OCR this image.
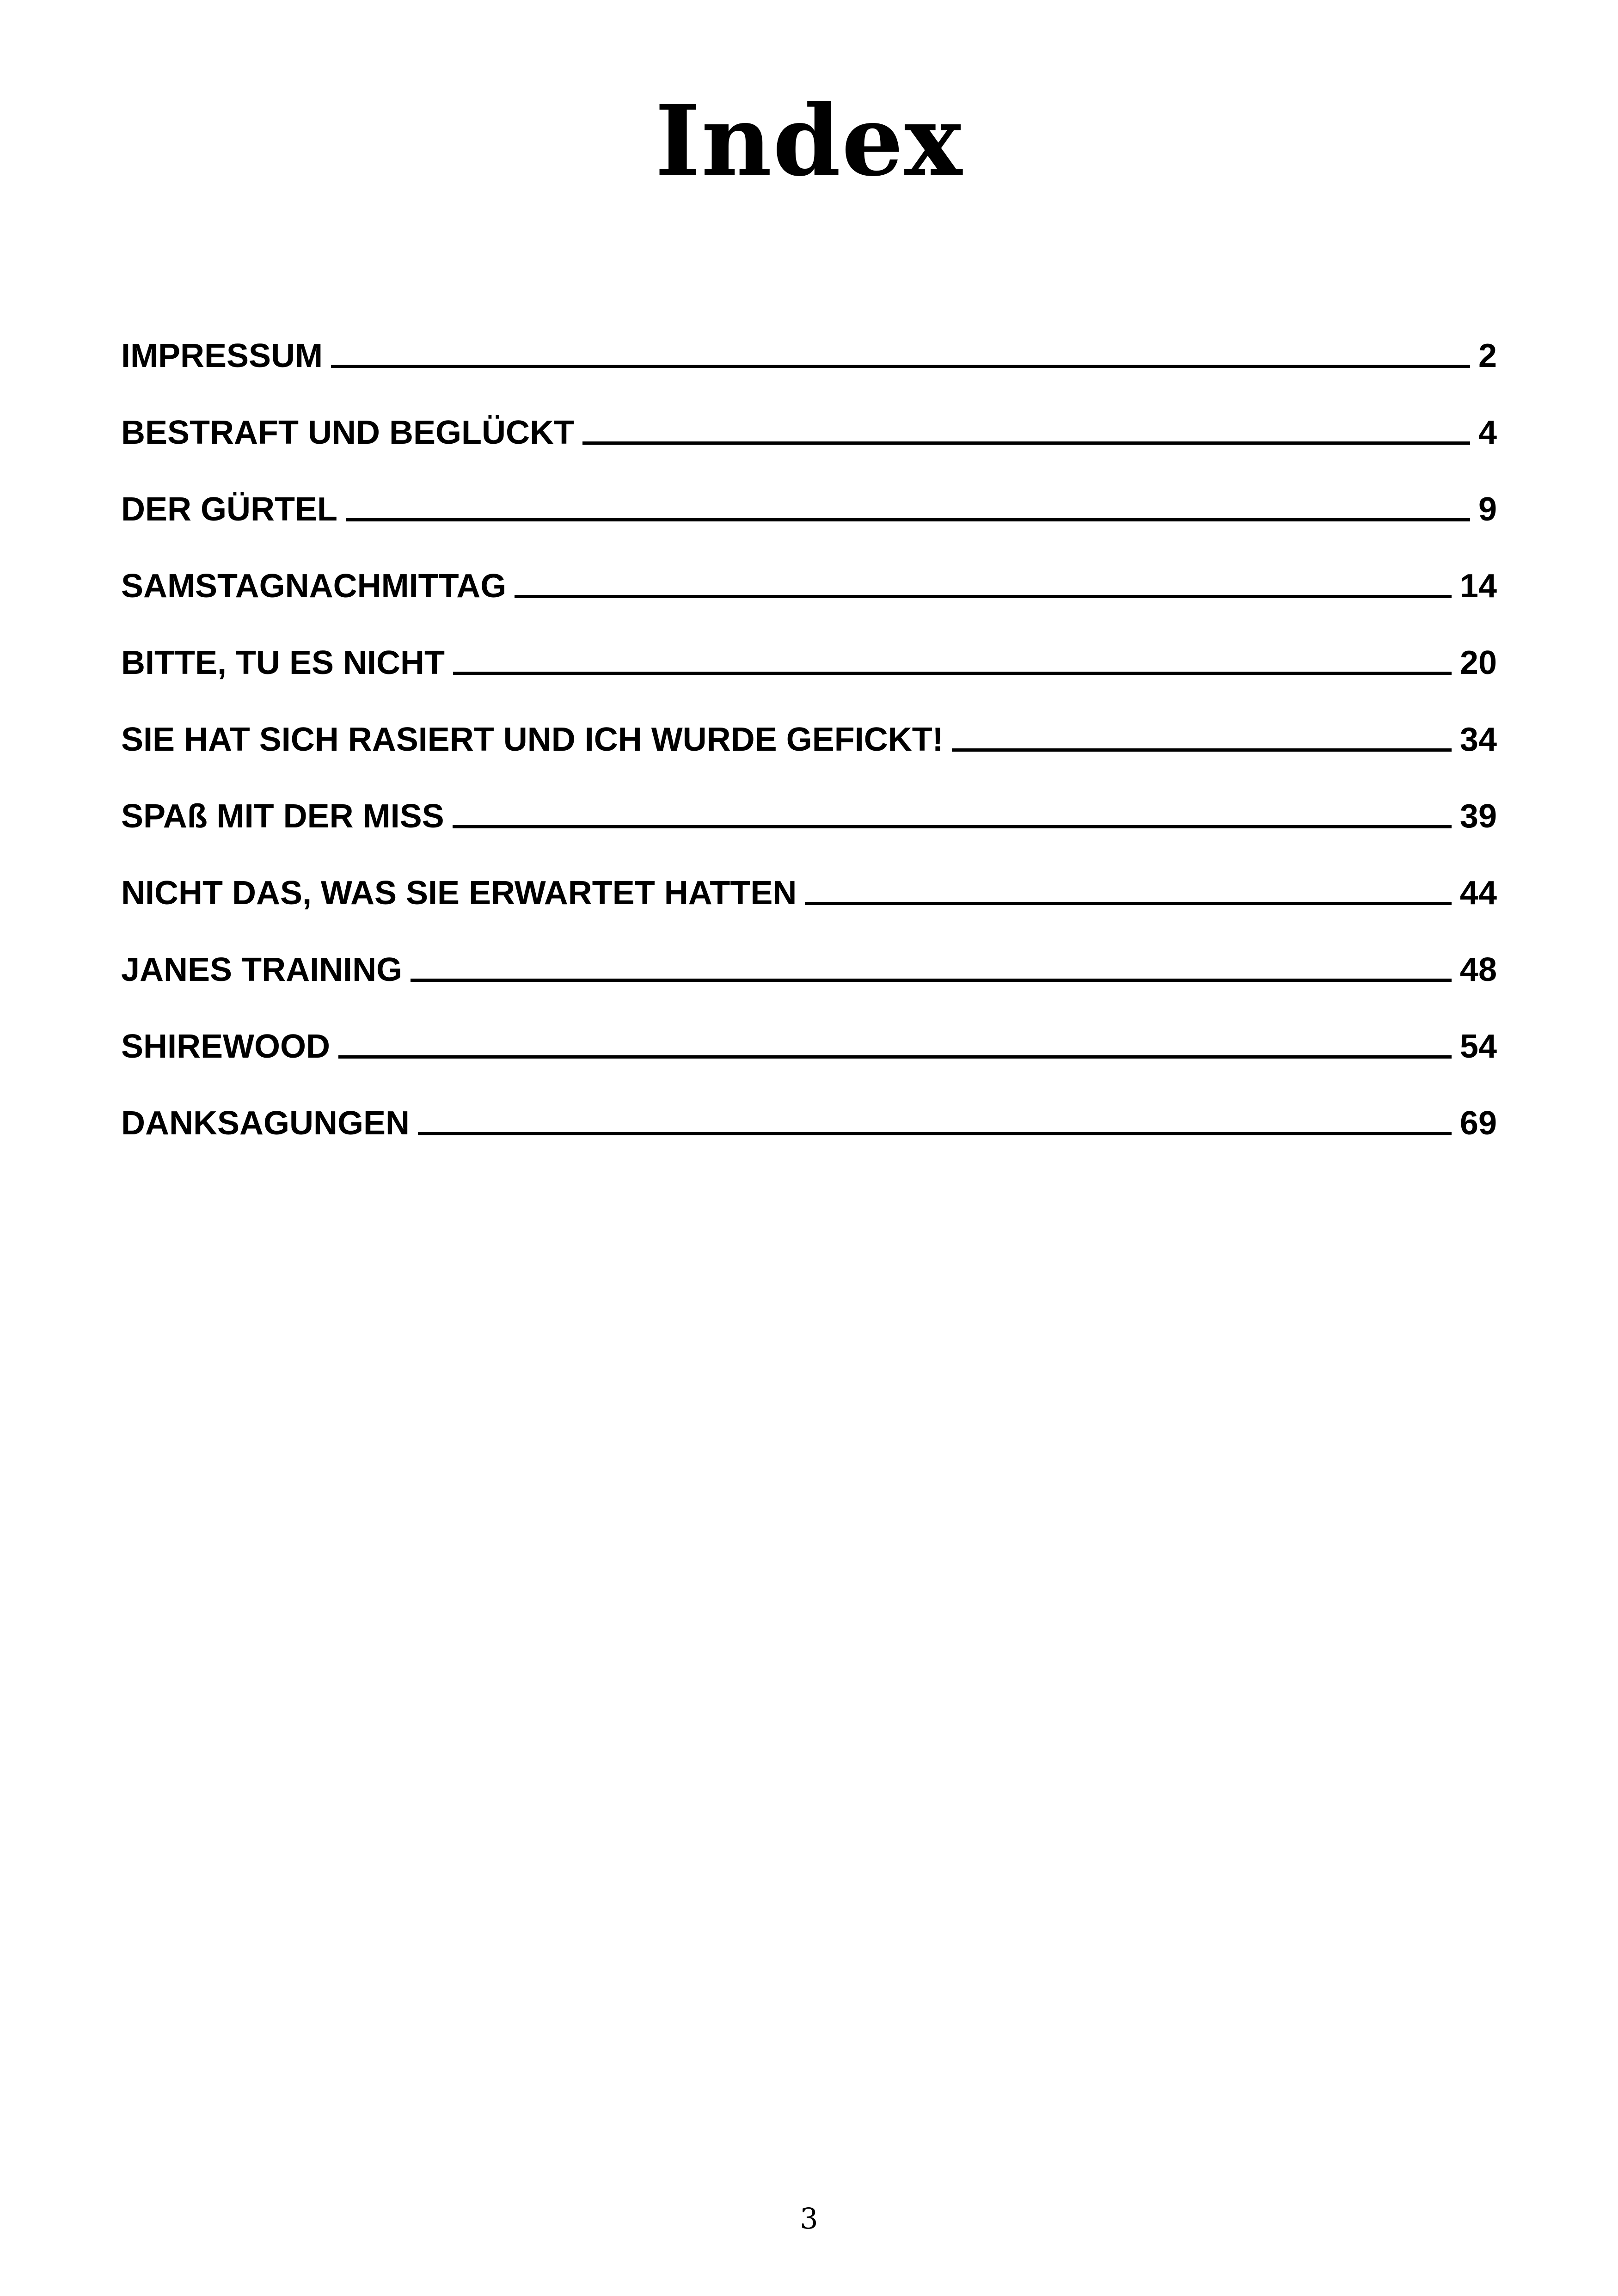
Index
IMPRESSUM	2
BESTRAFT UND BEGLÜCKT	4
DER GÜRTEL	9
SAMSTAGNACHMITTAG	14
BITTE, TU ES NICHT	20
SIE HAT SICH RASIERT UND ICH WURDE GEFICKT!	34
SPAß MIT DER MISS	39
NICHT DAS, WAS SIE ERWARTET HATTEN	44
JANES TRAINING	48
SHIREWOOD	54
DANKSAGUNGEN	69

3
